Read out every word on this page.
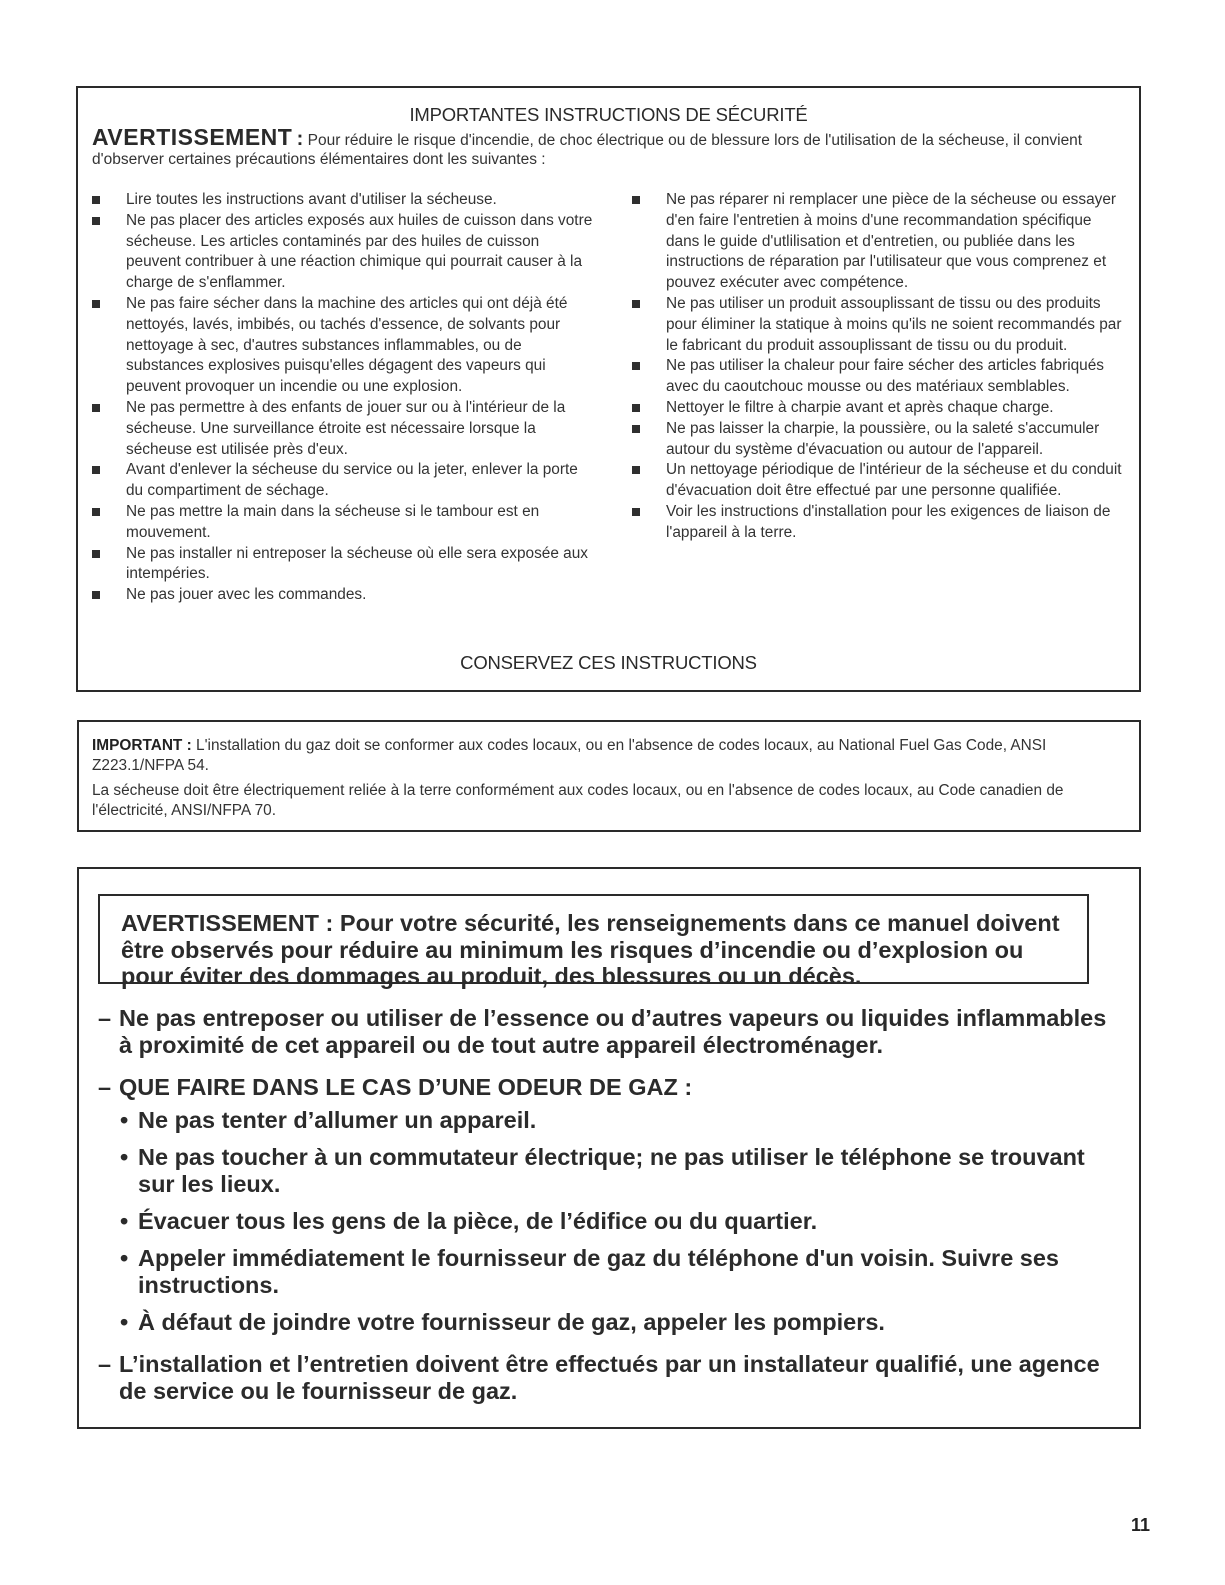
IMPORTANTES INSTRUCTIONS DE SÉCURITÉ
AVERTISSEMENT : Pour réduire le risque d'incendie, de choc électrique ou de blessure lors de l'utilisation de la sécheuse, il convient d'observer certaines précautions élémentaires dont les suivantes :
Lire toutes les instructions avant d'utiliser la sécheuse.
Ne pas placer des articles exposés aux huiles de cuisson dans votre sécheuse. Les articles contaminés par des huiles de cuisson peuvent contribuer à une réaction chimique qui pourrait causer à la charge de s'enflammer.
Ne pas faire sécher dans la machine des articles qui ont déjà été nettoyés, lavés, imbibés, ou tachés d'essence, de solvants pour nettoyage à sec, d'autres substances inflammables, ou de substances explosives puisqu'elles dégagent des vapeurs qui peuvent provoquer un incendie ou une explosion.
Ne pas permettre à des enfants de jouer sur ou à l'intérieur de la sécheuse. Une surveillance étroite est nécessaire lorsque la sécheuse est utilisée près d'eux.
Avant d'enlever la sécheuse du service ou la jeter, enlever la porte du compartiment de séchage.
Ne pas mettre la main dans la sécheuse si le tambour est en mouvement.
Ne pas installer ni entreposer la sécheuse où elle sera exposée aux intempéries.
Ne pas jouer avec les commandes.
Ne pas réparer ni remplacer une pièce de la sécheuse ou essayer d'en faire l'entretien à moins d'une recommandation spécifique dans le guide d'utlilisation et d'entretien, ou publiée dans les instructions de réparation par l'utilisateur que vous comprenez et pouvez exécuter avec compétence.
Ne pas utiliser un produit assouplissant de tissu ou des produits pour éliminer la statique à moins qu'ils ne soient recommandés par le fabricant du produit assouplissant de tissu ou du produit.
Ne pas utiliser la chaleur pour faire sécher des articles fabriqués avec du caoutchouc mousse ou des matériaux semblables.
Nettoyer le filtre à charpie avant et après chaque charge.
Ne pas laisser la charpie, la poussière, ou la saleté s'accumuler autour du système d'évacuation ou autour de l'appareil.
Un nettoyage périodique de l'intérieur de la sécheuse et du conduit d'évacuation doit être effectué par une personne qualifiée.
Voir les instructions d'installation pour les exigences de liaison de l'appareil à la terre.
CONSERVEZ CES INSTRUCTIONS

IMPORTANT : L'installation du gaz doit se conformer aux codes locaux, ou en l'absence de codes locaux, au National Fuel Gas Code, ANSI Z223.1/NFPA 54.

La sécheuse doit être électriquement reliée à la terre conformément aux codes locaux, ou en l'absence de codes locaux, au Code canadien de l'électricité, ANSI/NFPA 70.

AVERTISSEMENT : Pour votre sécurité, les renseignements dans ce manuel doivent être observés pour réduire au minimum les risques d’incendie ou d’explosion ou pour éviter des dommages au produit, des blessures ou un décès.
– Ne pas entreposer ou utiliser de l’essence ou d’autres vapeurs ou liquides inflammables à proximité de cet appareil ou de tout autre appareil électroménager.
– QUE FAIRE DANS LE CAS D’UNE ODEUR DE GAZ :
• Ne pas tenter d’allumer un appareil.
• Ne pas toucher à un commutateur électrique; ne pas utiliser le téléphone se trouvant sur les lieux.
• Évacuer tous les gens de la pièce, de l’édifice ou du quartier.
• Appeler immédiatement le fournisseur de gaz du téléphone d'un voisin. Suivre ses instructions.
• À défaut de joindre votre fournisseur de gaz, appeler les pompiers.
– L’installation et l’entretien doivent être effectués par un installateur qualifié, une agence de service ou le fournisseur de gaz.
11
